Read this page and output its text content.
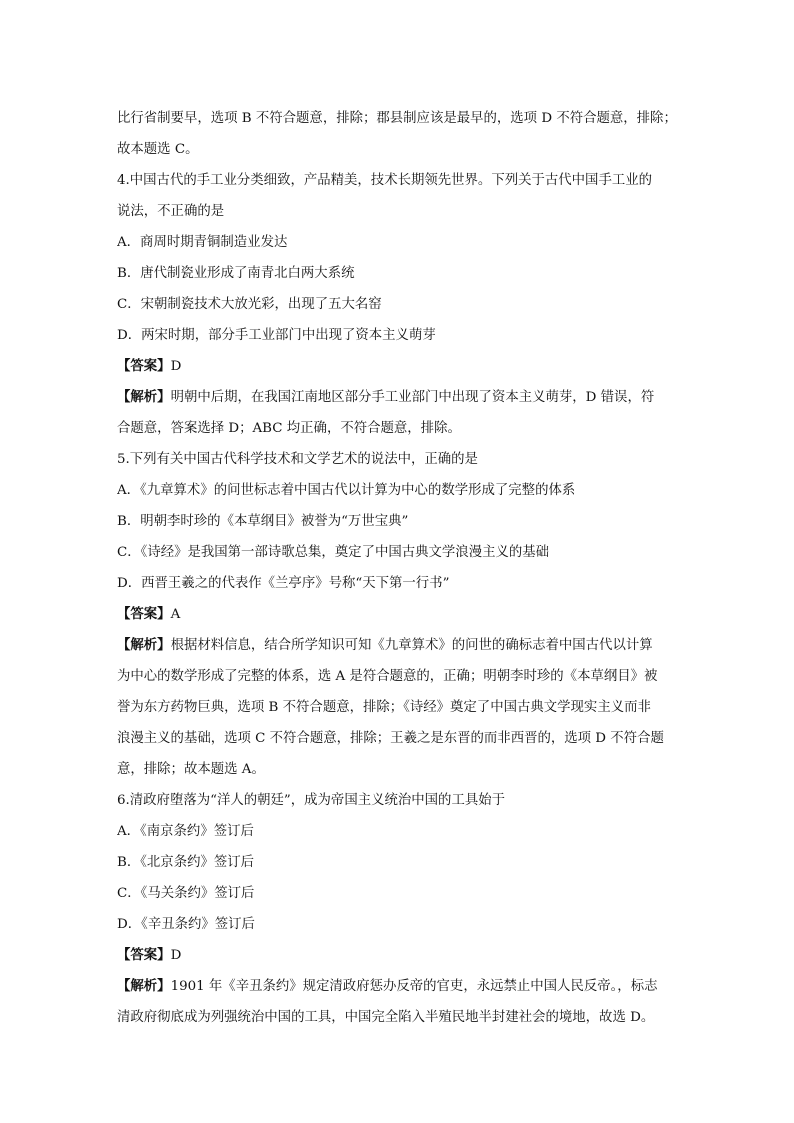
比行省制要早，选项 B 不符合题意，排除；郡县制应该是最早的，选项 D 不符合题意，排除；
故本题选 C。
4.中国古代的手工业分类细致，产品精美，技术长期领先世界。下列关于古代中国手工业的
说法，不正确的是
A．商周时期青铜制造业发达
B．唐代制瓷业形成了南青北白两大系统
C．宋朝制瓷技术大放光彩，出现了五大名窑
D．两宋时期，部分手工业部门中出现了资本主义萌芽
【答案】D
【解析】明朝中后期，在我国江南地区部分手工业部门中出现了资本主义萌芽，D 错误，符
合题意，答案选择 D；ABC 均正确，不符合题意，排除。
5.下列有关中国古代科学技术和文学艺术的说法中，正确的是
A．《九章算术》的问世标志着中国古代以计算为中心的数学形成了完整的体系
B．明朝李时珍的《本草纲目》被誉为“万世宝典”
C．《诗经》是我国第一部诗歌总集，奠定了中国古典文学浪漫主义的基础
D．西晋王羲之的代表作《兰亭序》号称“天下第一行书”
【答案】A
【解析】根据材料信息，结合所学知识可知《九章算术》的问世的确标志着中国古代以计算
为中心的数学形成了完整的体系，选 A 是符合题意的，正确；明朝李时珍的《本草纲目》被
誉为东方药物巨典，选项 B 不符合题意，排除；《诗经》奠定了中国古典文学现实主义而非
浪漫主义的基础，选项 C 不符合题意，排除；王羲之是东晋的而非西晋的，选项 D 不符合题
意，排除；故本题选 A。
6.清政府堕落为“洋人的朝廷”，成为帝国主义统治中国的工具始于
A．《南京条约》签订后
B．《北京条约》签订后
C．《马关条约》签订后
D．《辛丑条约》签订后
【答案】D
【解析】1901 年《辛丑条约》规定清政府惩办反帝的官吏，永远禁止中国人民反帝。，标志
清政府彻底成为列强统治中国的工具，中国完全陷入半殖民地半封建社会的境地，故选 D。
